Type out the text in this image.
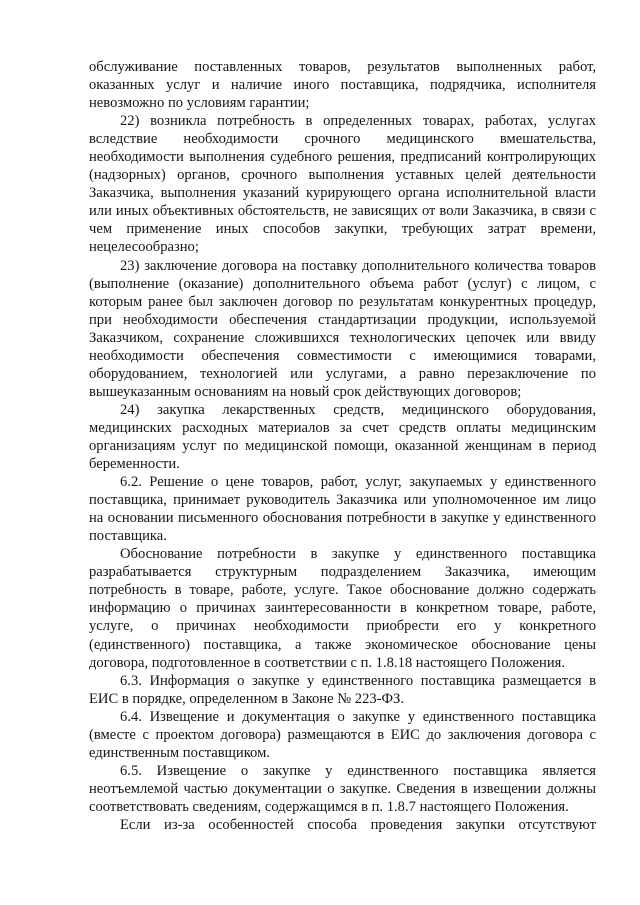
обслуживание поставленных товаров, результатов выполненных работ, оказанных услуг и наличие иного поставщика, подрядчика, исполнителя невозможно по условиям гарантии;

22) возникла потребность в определенных товарах, работах, услугах вследствие необходимости срочного медицинского вмешательства, необходимости выполнения судебного решения, предписаний контролирующих (надзорных) органов, срочного выполнения уставных целей деятельности Заказчика, выполнения указаний курирующего органа исполнительной власти или иных объективных обстоятельств, не зависящих от воли Заказчика, в связи с чем применение иных способов закупки, требующих затрат времени, нецелесообразно;

23) заключение договора на поставку дополнительного количества товаров (выполнение (оказание) дополнительного объема работ (услуг) с лицом, с которым ранее был заключен договор по результатам конкурентных процедур, при необходимости обеспечения стандартизации продукции, используемой Заказчиком, сохранение сложившихся технологических цепочек или ввиду необходимости обеспечения совместимости с имеющимися товарами, оборудованием, технологией или услугами, а равно перезаключение по вышеуказанным основаниям на новый срок действующих договоров;

24) закупка лекарственных средств, медицинского оборудования, медицинских расходных материалов за счет средств оплаты медицинским организациям услуг по медицинской помощи, оказанной женщинам в период беременности.

6.2. Решение о цене товаров, работ, услуг, закупаемых у единственного поставщика, принимает руководитель Заказчика или уполномоченное им лицо на основании письменного обоснования потребности в закупке у единственного поставщика.

Обоснование потребности в закупке у единственного поставщика разрабатывается структурным подразделением Заказчика, имеющим потребность в товаре, работе, услуге. Такое обоснование должно содержать информацию о причинах заинтересованности в конкретном товаре, работе, услуге, о причинах необходимости приобрести его у конкретного (единственного) поставщика, а также экономическое обоснование цены договора, подготовленное в соответствии с п. 1.8.18 настоящего Положения.

6.3. Информация о закупке у единственного поставщика размещается в ЕИС в порядке, определенном в Законе № 223-ФЗ.

6.4. Извещение и документация о закупке у единственного поставщика (вместе с проектом договора) размещаются в ЕИС до заключения договора с единственным поставщиком.

6.5. Извещение о закупке у единственного поставщика является неотъемлемой частью документации о закупке. Сведения в извещении должны соответствовать сведениям, содержащимся в п. 1.8.7 настоящего Положения.

Если из-за особенностей способа проведения закупки отсутствуют
